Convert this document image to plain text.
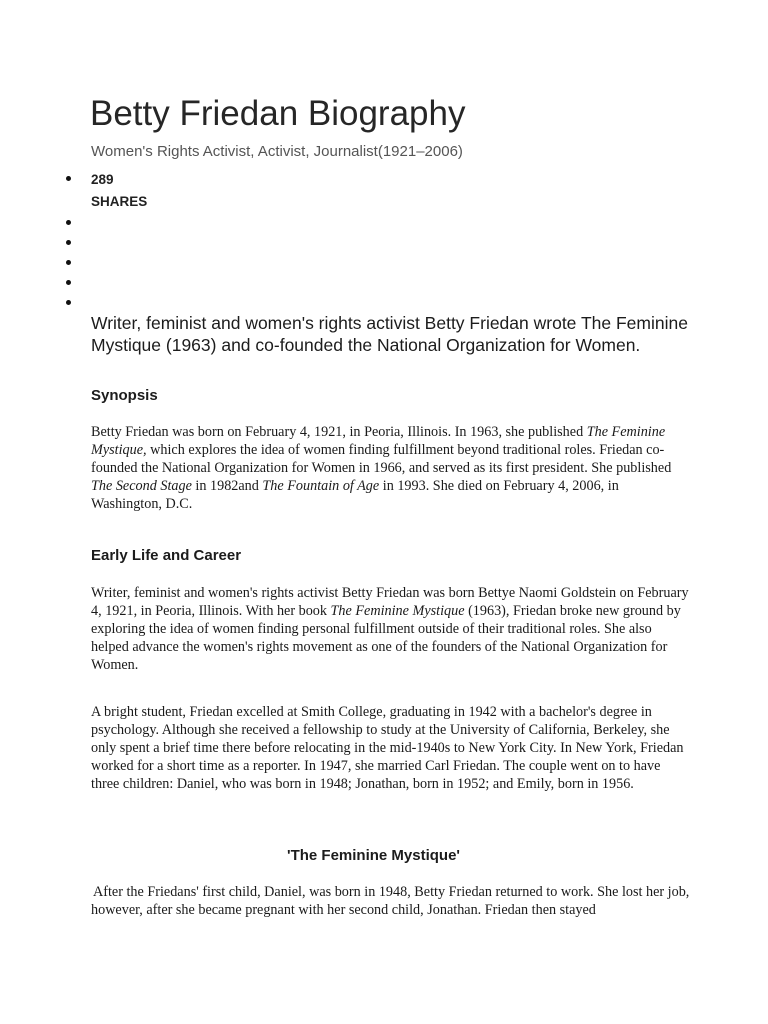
Betty Friedan Biography

Women's Rights Activist, Activist, Journalist(1921–2006)

289

SHARES

Writer, feminist and women's rights activist Betty Friedan wrote The Feminine Mystique (1963) and co-founded the National Organization for Women.

Synopsis

Betty Friedan was born on February 4, 1921, in Peoria, Illinois. In 1963, she published The Feminine Mystique, which explores the idea of women finding fulfillment beyond traditional roles. Friedan co-founded the National Organization for Women in 1966, and served as its first president. She published The Second Stage in 1982and The Fountain of Age in 1993. She died on February 4, 2006, in Washington, D.C.

Early Life and Career

Writer, feminist and women's rights activist Betty Friedan was born Bettye Naomi Goldstein on February 4, 1921, in Peoria, Illinois. With her book The Feminine Mystique (1963), Friedan broke new ground by exploring the idea of women finding personal fulfillment outside of their traditional roles. She also helped advance the women's rights movement as one of the founders of the National Organization for Women.

A bright student, Friedan excelled at Smith College, graduating in 1942 with a bachelor's degree in psychology. Although she received a fellowship to study at the University of California, Berkeley, she only spent a brief time there before relocating in the mid-1940s to New York City. In New York, Friedan worked for a short time as a reporter. In 1947, she married Carl Friedan. The couple went on to have three children: Daniel, who was born in 1948; Jonathan, born in 1952; and Emily, born in 1956.

'The Feminine Mystique'

After the Friedans' first child, Daniel, was born in 1948, Betty Friedan returned to work. She lost her job, however, after she became pregnant with her second child, Jonathan. Friedan then stayed
